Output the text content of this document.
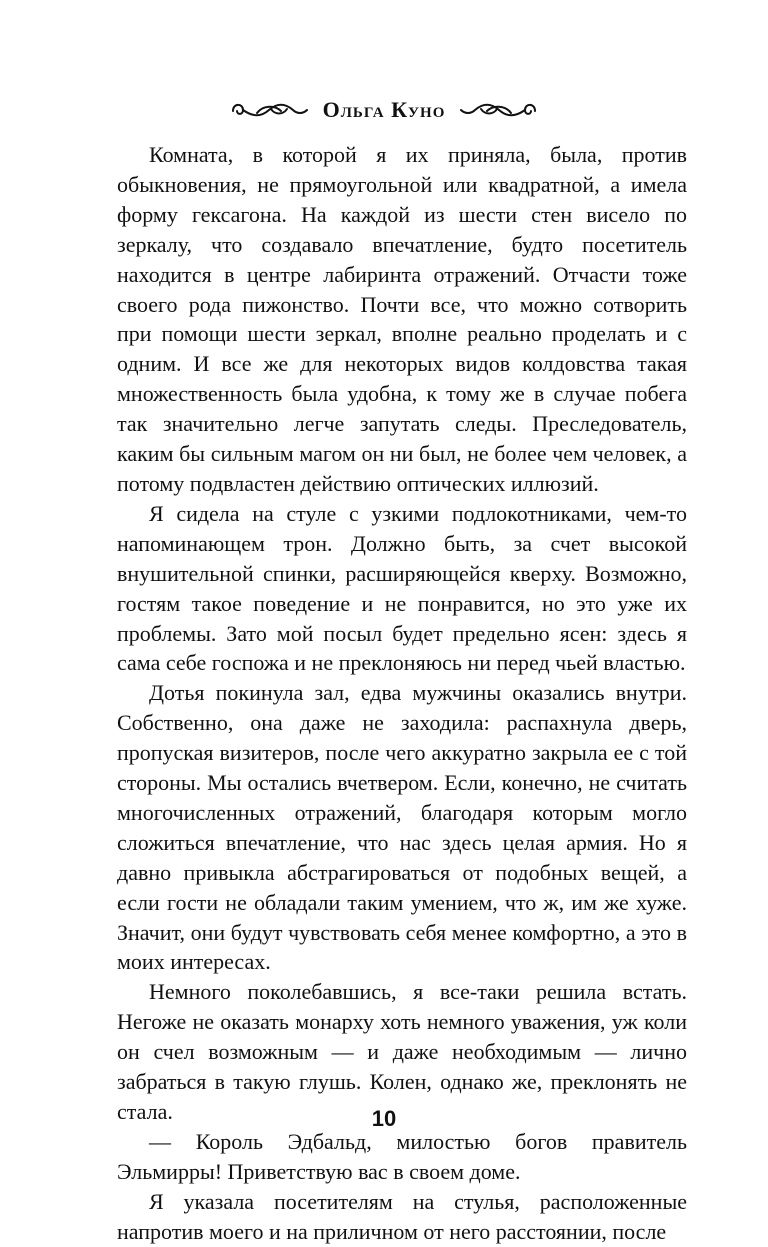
Ольга Куно

Комната, в которой я их приняла, была, против обыкновения, не прямоугольной или квадратной, а имела форму гексагона. На каждой из шести стен висело по зеркалу, что создавало впечатление, будто посетитель находится в центре лабиринта отражений. Отчасти тоже своего рода пижонство. Почти все, что можно сотворить при помощи шести зеркал, вполне реально проделать и с одним. И все же для некоторых видов колдовства такая множественность была удобна, к тому же в случае побега так значительно легче запутать следы. Преследователь, каким бы сильным магом он ни был, не более чем человек, а потому подвластен действию оптических иллюзий.

Я сидела на стуле с узкими подлокотниками, чем-то напоминающем трон. Должно быть, за счет высокой внушительной спинки, расширяющейся кверху. Возможно, гостям такое поведение и не понравится, но это уже их проблемы. Зато мой посыл будет предельно ясен: здесь я сама себе госпожа и не преклоняюсь ни перед чьей властью.

Дотья покинула зал, едва мужчины оказались внутри. Собственно, она даже не заходила: распахнула дверь, пропуская визитеров, после чего аккуратно закрыла ее с той стороны. Мы остались вчетвером. Если, конечно, не считать многочисленных отражений, благодаря которым могло сложиться впечатление, что нас здесь целая армия. Но я давно привыкла абстрагироваться от подобных вещей, а если гости не обладали таким умением, что ж, им же хуже. Значит, они будут чувствовать себя менее комфортно, а это в моих интересах.

Немного поколебавшись, я все-таки решила встать. Негоже не оказать монарху хоть немного уважения, уж коли он счел возможным — и даже необходимым — лично забраться в такую глушь. Колен, однако же, преклонять не стала.

— Король Эдбальд, милостью богов правитель Эльмирры! Приветствую вас в своем доме.

Я указала посетителям на стулья, расположенные напротив моего и на приличном от него расстоянии, после

10
